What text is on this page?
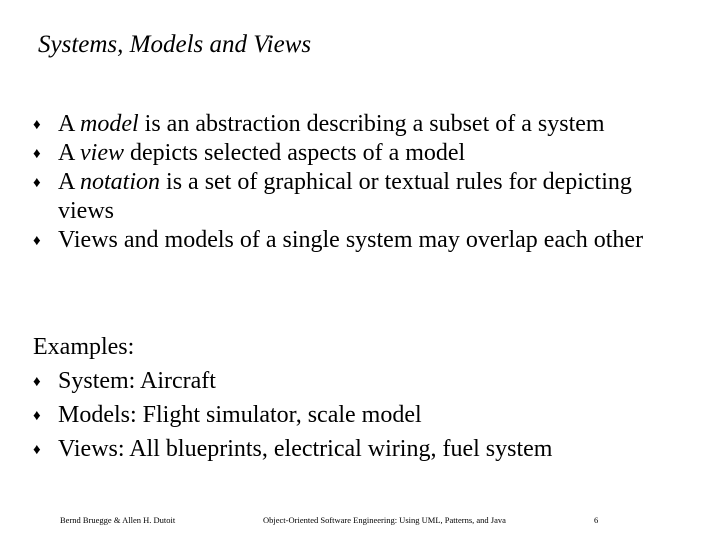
Systems, Models and Views
♦ A model is an abstraction describing a subset of a system
♦ A view depicts selected aspects of a model
♦ A notation is a set of graphical or textual rules for depicting views
♦ Views and models of a single system may overlap each other
Examples:
♦ System: Aircraft
♦ Models: Flight simulator, scale model
♦ Views: All blueprints, electrical wiring, fuel system
Bernd Bruegge & Allen H. Dutoit	Object-Oriented Software Engineering: Using UML, Patterns, and Java	6
